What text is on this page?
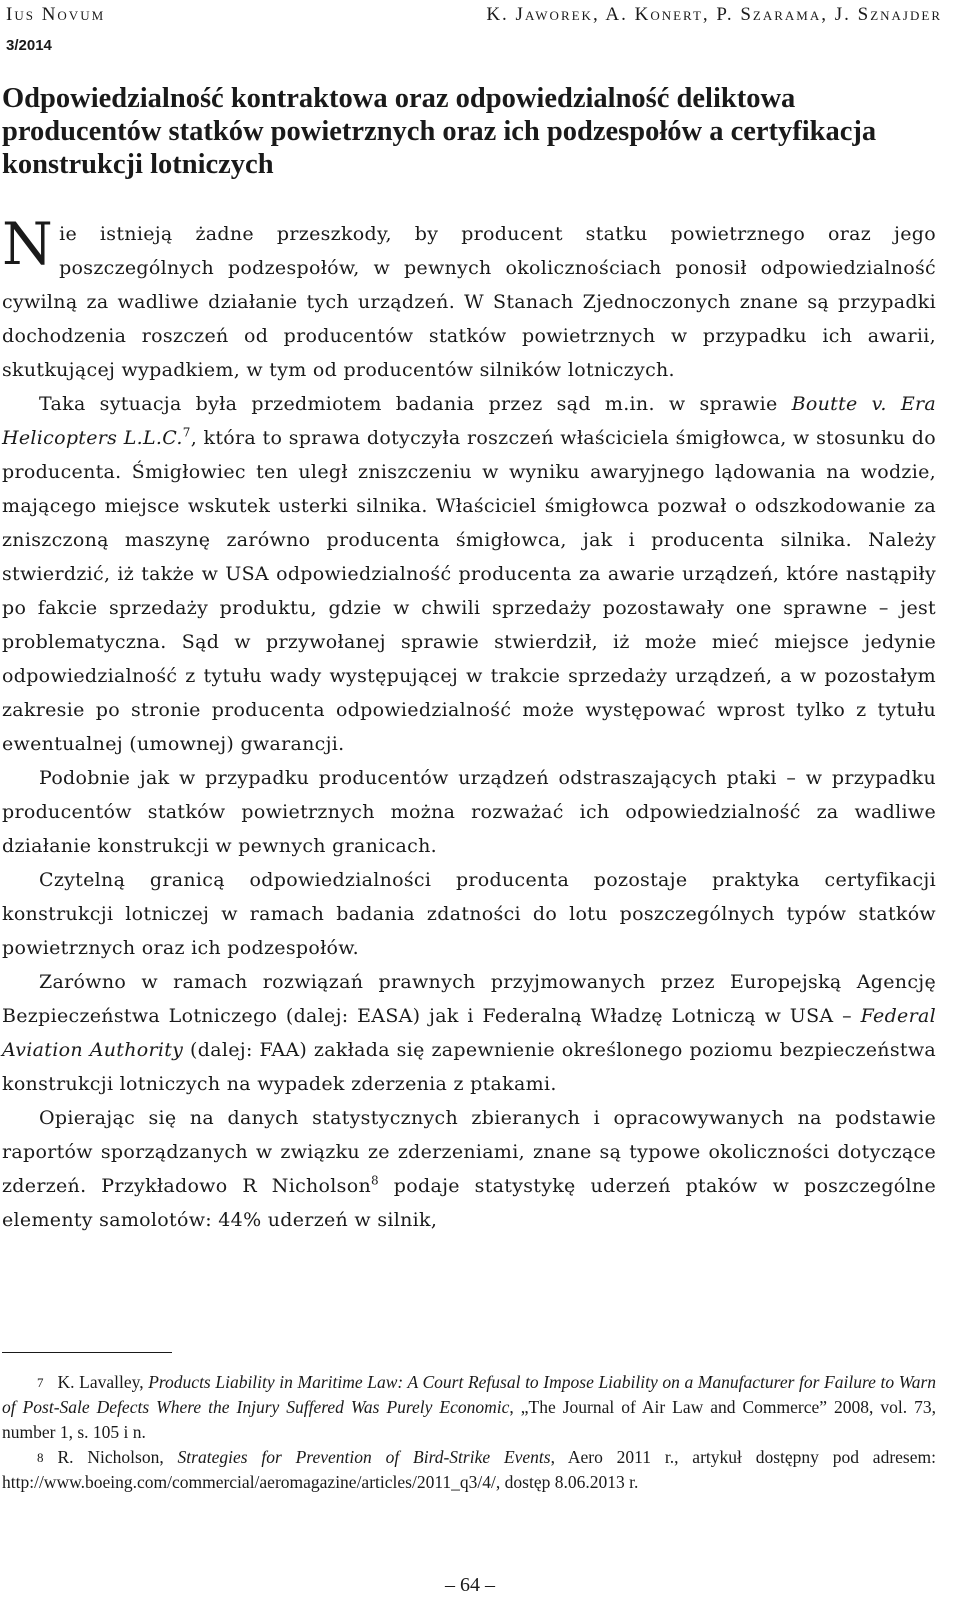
Ius Novum	K. Jaworek, A. Konert, P. Szarama, J. Sznajder
3/2014
Odpowiedzialność kontraktowa oraz odpowiedzialność deliktowa producentów statków powietrznych oraz ich podzespołów a certyfikacja konstrukcji lotniczych

Nie istnieją żadne przeszkody, by producent statku powietrznego oraz jego poszczególnych podzespołów, w pewnych okolicznościach ponosił odpowiedzialność cywilną za wadliwe działanie tych urządzeń. W Stanach Zjednoczonych znane są przypadki dochodzenia roszczeń od producentów statków powietrznych w przypadku ich awarii, skutkującej wypadkiem, w tym od producentów silników lotniczych.

Taka sytuacja była przedmiotem badania przez sąd m.in. w sprawie Boutte v. Era Helicopters L.L.C.$^7$, która to sprawa dotyczyła roszczeń właściciela śmigłowca, w stosunku do producenta. Śmigłowiec ten uległ zniszczeniu w wyniku awaryjnego lądowania na wodzie, mającego miejsce wskutek usterki silnika. Właściciel śmigłowca pozwał o odszkodowanie za zniszczoną maszynę zarówno producenta śmigłowca, jak i producenta silnika. Należy stwierdzić, iż także w USA odpowiedzialność producenta za awarie urządzeń, które nastąpiły po fakcie sprzedaży produktu, gdzie w chwili sprzedaży pozostawały one sprawne – jest problematyczna. Sąd w przywołanej sprawie stwierdził, iż może mieć miejsce jedynie odpowiedzialność z tytułu wady występującej w trakcie sprzedaży urządzeń, a w pozostałym zakresie po stronie producenta odpowiedzialność może występować wprost tylko z tytułu ewentualnej (umownej) gwarancji.

Podobnie jak w przypadku producentów urządzeń odstraszających ptaki – w przypadku producentów statków powietrznych można rozważać ich odpowiedzialność za wadliwe działanie konstrukcji w pewnych granicach.

Czytelną granicą odpowiedzialności producenta pozostaje praktyka certyfikacji konstrukcji lotniczej w ramach badania zdatności do lotu poszczególnych typów statków powietrznych oraz ich podzespołów.

Zarówno w ramach rozwiązań prawnych przyjmowanych przez Europejską Agencję Bezpieczeństwa Lotniczego (dalej: EASA) jak i Federalną Władzę Lotniczą w USA – Federal Aviation Authority (dalej: FAA) zakłada się zapewnienie określonego poziomu bezpieczeństwa konstrukcji lotniczych na wypadek zderzenia z ptakami.

Opierając się na danych statystycznych zbieranych i opracowywanych na podstawie raportów sporządzanych w związku ze zderzeniami, znane są typowe okoliczności dotyczące zderzeń. Przykładowo R Nicholson$^8$ podaje statystykę uderzeń ptaków w poszczególne elementy samolotów: 44% uderzeń w silnik,

$^7$ K. Lavalley, Products Liability in Maritime Law: A Court Refusal to Impose Liability on a Manufacturer for Failure to Warn of Post-Sale Defects Where the Injury Suffered Was Purely Economic, „The Journal of Air Law and Commerce” 2008, vol. 73, number 1, s. 105 i n.

$^8$ R. Nicholson, Strategies for Prevention of Bird-Strike Events, Aero 2011 r., artykuł dostępny pod adresem: http://www.boeing.com/commercial/aeromagazine/articles/2011_q3/4/, dostęp 8.06.2013 r.

– 64 –
